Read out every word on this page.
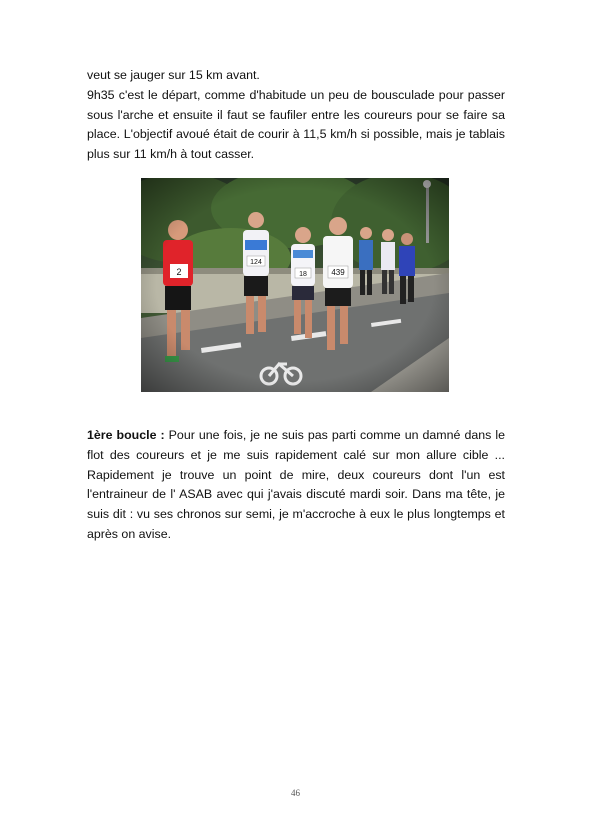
veut se jauger sur 15 km avant.
9h35 c'est le départ, comme d'habitude un peu de bousculade pour passer sous l'arche et ensuite il faut se faufiler entre les coureurs pour se faire sa place. L'objectif avoué était de courir à 11,5 km/h si possible, mais je tablais plus sur 11 km/h à tout casser.
1ère boucle : Pour une fois, je ne suis pas parti comme un damné dans le flot des coureurs et je me suis rapidement calé sur mon allure cible ... Rapidement je trouve un point de mire, deux coureurs dont l'un est l'entraineur de l' ASAB avec qui j'avais discuté mardi soir. Dans ma tête, je suis dit : vu ses chronos sur semi, je m'accroche à eux le plus longtemps et après on avise.
46
